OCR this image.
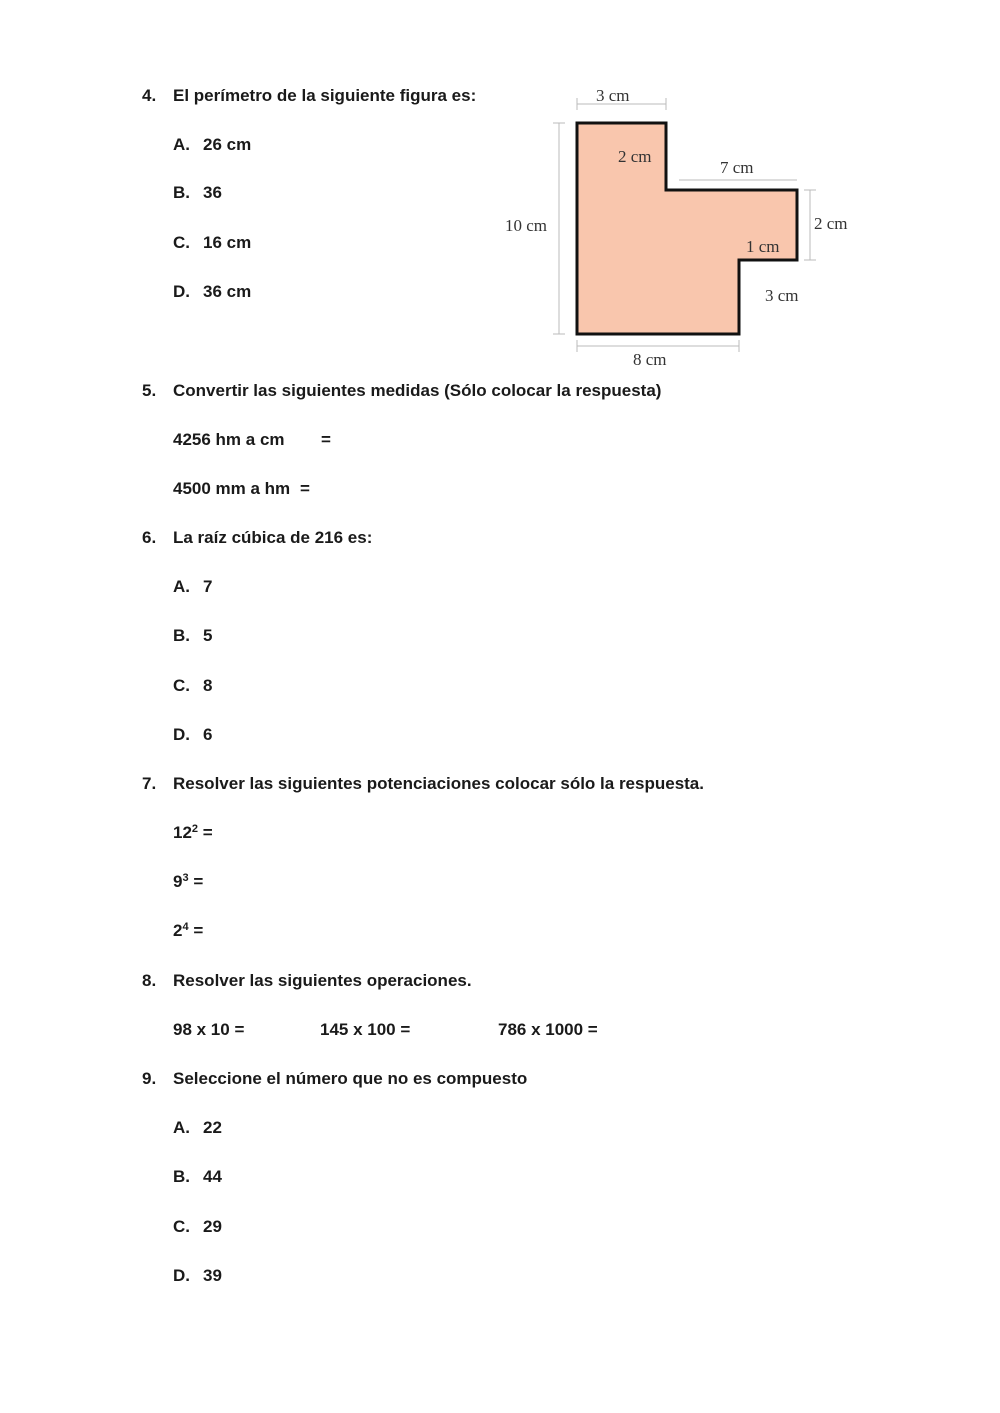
4. El perímetro de la siguiente figura es:
A. 26 cm
B. 36
C. 16 cm
D. 36 cm
3 cm
2 cm
7 cm
10 cm	2 cm
1 cm
3 cm
8 cm
5. Convertir las siguientes medidas (Sólo colocar la respuesta)
4256 hm a cm =
4500 mm a hm =
6. La raíz cúbica de 216 es:
A. 7
B. 5
C. 8
D. 6
7. Resolver las siguientes potenciaciones colocar sólo la respuesta.
$12^2$ =
$9^3$ =
$2^4$ =
8. Resolver las siguientes operaciones.
98 x 10 =	145 x 100 =	786 x 1000 =
9. Seleccione el número que no es compuesto
A. 22
B. 44
C. 29
D. 39
